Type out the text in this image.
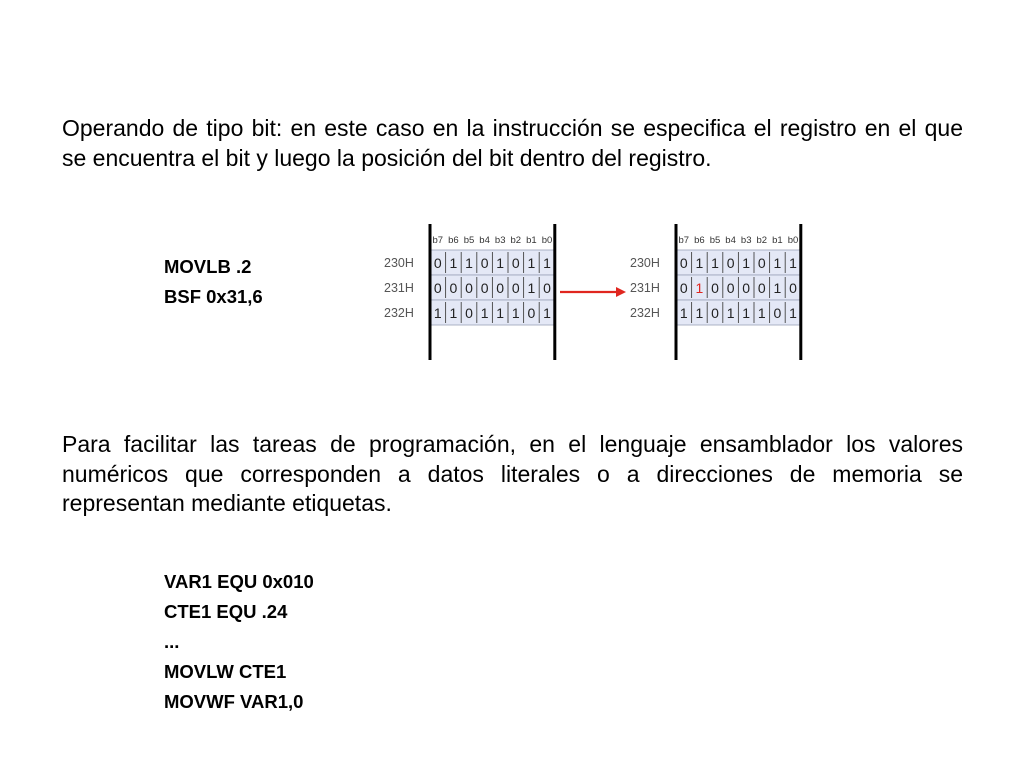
Operando de tipo bit: en este caso en la instrucción se especifica el registro en el que se encuentra el bit y luego la posición del bit dentro del registro.

MOVLB .2
BSF 0x31,6
b7 b6 b5 b4 b3 b2 b1 b0
230H 0 1 1 0 1 0 1 1
231H 0 0 0 0 0 0 1 0
232H 1 1 0 1 1 1 0 1
b7 b6 b5 b4 b3 b2 b1 b0
230H 0 1 1 0 1 0 1 1
231H 0 1 0 0 0 0 1 0
232H 1 1 0 1 1 1 0 1

Para facilitar las tareas de programación, en el lenguaje ensamblador los valores numéricos que corresponden a datos literales o a direcciones de memoria se representan mediante etiquetas.

VAR1 EQU 0x010
CTE1 EQU .24
...
MOVLW CTE1
MOVWF VAR1,0
